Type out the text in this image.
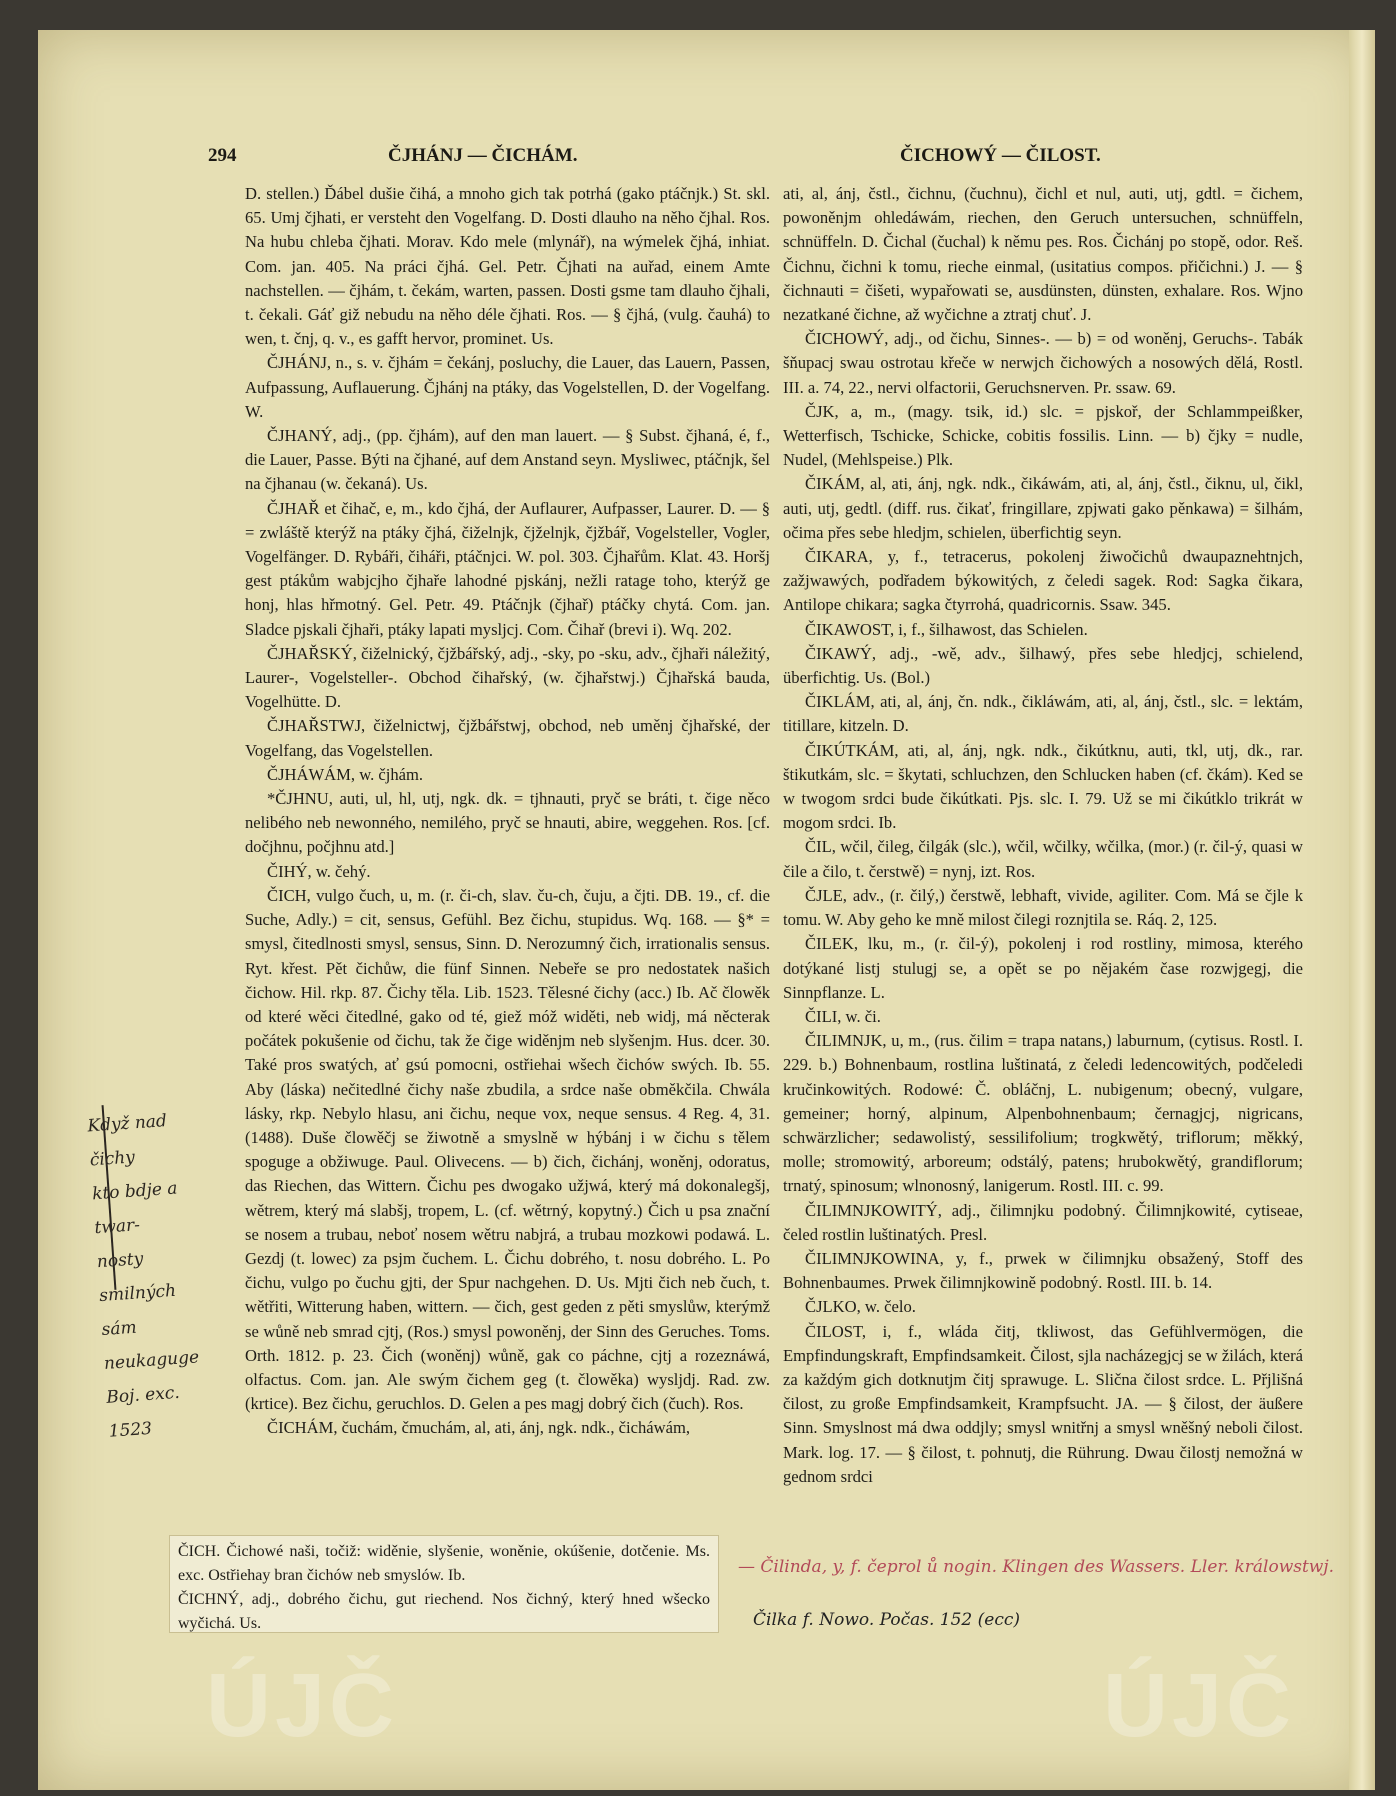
294	ČJHÁNJ — ČICHÁM.	ČICHOWÝ — ČILOST.

D. stellen.) Ďábel dušie čihá, a mnoho gich tak potrhá (gako ptáčnjk.) St. skl. 65. Umj čjhati, er versteht den Vogelfang. D. Dosti dlauho na něho čjhal. Ros. Na hubu chleba čjhati. Morav. Kdo mele (mlynář), na wýmelek čjhá, inhiat. Com. jan. 405. Na práci čjhá. Gel. Petr. Čjhati na auřad, einem Amte nachstellen. — čjhám, t. čekám, warten, passen. Dosti gsme tam dlauho čjhali, t. čekali. Gáť giž nebudu na něho déle čjhati. Ros. — § čjhá, (vulg. čauhá) to wen, t. čnj, q. v., es gafft hervor, prominet. Us.

ČJHÁNJ, n., s. v. čjhám = čekánj, posluchy, die Lauer, das Lauern, Passen, Aufpassung, Auflauerung. Čjhánj na ptáky, das Vogelstellen, D. der Vogelfang. W.

ČJHANÝ, adj., (pp. čjhám), auf den man lauert. — § Subst. čjhaná, é, f., die Lauer, Passe. Býti na čjhané, auf dem Anstand seyn. Mysliwec, ptáčnjk, šel na čjhanau (w. čekaná). Us.

ČJHAŘ et čihač, e, m., kdo čjhá, der Auflaurer, Aufpasser, Laurer. D. — § = zwláště kterýž na ptáky čjhá, čiželnjk, čjželnjk, čjžbář, Vogelsteller, Vogler, Vogelfänger. D. Rybáři, čiháři, ptáčnjci. W. pol. 303. Čjhařům. Klat. 43. Horšj gest ptákům wabjcjho čjhaře lahodné pjskánj, nežli ratage toho, kterýž ge honj, hlas hřmotný. Gel. Petr. 49. Ptáčnjk (čjhař) ptáčky chytá. Com. jan. Sladce pjskali čjhaři, ptáky lapati mysljcj. Com. Čihař (brevi i). Wq. 202.

ČJHAŘSKÝ, čiželnický, čjžbářský, adj., -sky, po -sku, adv., čjhaři náležitý, Laurer-, Vogelsteller-. Obchod čihařský, (w. čjhařstwj.) Čjhařská bauda, Vogelhütte. D.

ČJHAŘSTWJ, čiželnictwj, čjžbářstwj, obchod, neb uměnj čjhařské, der Vogelfang, das Vogelstellen.

ČJHÁWÁM, w. čjhám.

*ČJHNU, auti, ul, hl, utj, ngk. dk. = tjhnauti, pryč se bráti, t. čige něco nelibého neb newonného, nemilého, pryč se hnauti, abire, weggehen. Ros. [cf. dočjhnu, počjhnu atd.]

ČIHÝ, w. čehý.

ČICH, vulgo čuch, u, m. (r. či-ch, slav. ču-ch, čuju, a čjti. DB. 19., cf. die Suche, Adly.) = cit, sensus, Gefühl. Bez čichu, stupidus. Wq. 168. — §* = smysl, čitedlnosti smysl, sensus, Sinn. D. Nerozumný čich, irrationalis sensus. Ryt. křest. Pět čichůw, die fünf Sinnen. Nebeře se pro nedostatek našich čichow. Hil. rkp. 87. Čichy těla. Lib. 1523. Tělesné čichy (acc.) Ib. Ač člowěk od které wěci čitedlné, gako od té, giež móž widěti, neb widj, má něcterak počátek pokušenie od čichu, tak že čige widěnjm neb slyšenjm. Hus. dcer. 30. Také pros swatých, ať gsú pomocni, ostřiehai wšech čichów swých. Ib. 55. Aby (láska) nečitedlné čichy naše zbudila, a srdce naše obměkčila. Chwála lásky, rkp. Nebylo hlasu, ani čichu, neque vox, neque sensus. 4 Reg. 4, 31. (1488). Duše člowěčj se žiwotně a smyslně w hýbánj i w čichu s tělem spoguge a obžiwuge. Paul. Olivecens. — b) čich, čichánj, woněnj, odoratus, das Riechen, das Wittern. Čichu pes dwogako užjwá, který má dokonalegšj, wětrem, který má slabšj, tropem, L. (cf. wětrný, kopytný.) Čich u psa znační se nosem a trubau, neboť nosem wětru nabjrá, a trubau mozkowi podawá. L. Gezdj (t. lowec) za psjm čuchem. L. Čichu dobrého, t. nosu dobrého. L. Po čichu, vulgo po čuchu gjti, der Spur nachgehen. D. Us. Mjti čich neb čuch, t. wětřiti, Witterung haben, wittern. — čich, gest geden z pěti smyslůw, kterýmž se wůně neb smrad cjtj, (Ros.) smysl powoněnj, der Sinn des Geruches. Toms. Orth. 1812. p. 23. Čich (woněnj) wůně, gak co páchne, cjtj a rozeznáwá, olfactus. Com. jan. Ale swým čichem geg (t. člowěka) wysljdj. Rad. zw. (krtice). Bez čichu, geruchlos. D. Gelen a pes magj dobrý čich (čuch). Ros.

ČICHÁM, čuchám, čmuchám, al, ati, ánj, ngk. ndk., čicháwám,

ati, al, ánj, čstl., čichnu, (čuchnu), čichl et nul, auti, utj, gdtl. = čichem, powoněnjm ohledáwám, riechen, den Geruch untersuchen, schnüffeln, schnüffeln. D. Čichal (čuchal) k němu pes. Ros. Čichánj po stopě, odor. Reš. Čichnu, čichni k tomu, rieche einmal, (usitatius compos. přičichni.) J. — § čichnauti = čišeti, wypařowati se, ausdünsten, dünsten, exhalare. Ros. Wjno nezatkané čichne, až wyčichne a ztratj chuť. J.

ČICHOWÝ, adj., od čichu, Sinnes-. — b) = od woněnj, Geruchs-. Tabák šňupacj swau ostrotau křeče w nerwjch čichowých a nosowých dělá, Rostl. III. a. 74, 22., nervi olfactorii, Geruchsnerven. Pr. ssaw. 69.

ČJK, a, m., (magy. tsik, id.) slc. = pjskoř, der Schlammpeißker, Wetterfisch, Tschicke, Schicke, cobitis fossilis. Linn. — b) čjky = nudle, Nudel, (Mehlspeise.) Plk.

ČIKÁM, al, ati, ánj, ngk. ndk., čikáwám, ati, al, ánj, čstl., čiknu, ul, čikl, auti, utj, gedtl. (diff. rus. čikať, fringillare, zpjwati gako pěnkawa) = šilhám, očima přes sebe hledjm, schielen, überfichtig seyn.

ČIKARA, y, f., tetracerus, pokolenj žiwočichů dwaupaznehtnjch, zažjwawých, podřadem býkowitých, z čeledi sagek. Rod: Sagka čikara, Antilope chikara; sagka čtyrrohá, quadricornis. Ssaw. 345.

ČIKAWOST, i, f., šilhawost, das Schielen.

ČIKAWÝ, adj., -wě, adv., šilhawý, přes sebe hledjcj, schielend, überfichtig. Us. (Bol.)

ČIKLÁM, ati, al, ánj, čn. ndk., čikláwám, ati, al, ánj, čstl., slc. = lektám, titillare, kitzeln. D.

ČIKÚTKÁM, ati, al, ánj, ngk. ndk., čikútknu, auti, tkl, utj, dk., rar. štikutkám, slc. = škytati, schluchzen, den Schlucken haben (cf. čkám). Ked se w twogom srdci bude čikútkati. Pjs. slc. I. 79. Už se mi čikútklo trikrát w mogom srdci. Ib.

ČIL, wčil, čileg, čilgák (slc.), wčil, wčilky, wčilka, (mor.) (r. čil-ý, quasi w čile a čilo, t. čerstwě) = nynj, izt. Ros.

ČJLE, adv., (r. čilý,) čerstwě, lebhaft, vivide, agiliter. Com. Má se čjle k tomu. W. Aby geho ke mně milost čilegi roznjtila se. Ráq. 2, 125.

ČILEK, lku, m., (r. čil-ý), pokolenj i rod rostliny, mimosa, kterého dotýkané listj stulugj se, a opět se po nějakém čase rozwjgegj, die Sinnpflanze. L.

ČILI, w. či.

ČILIMNJK, u, m., (rus. čilim = trapa natans,) laburnum, (cytisus. Rostl. I. 229. b.) Bohnenbaum, rostlina luštinatá, z čeledi ledencowitých, podčeledi kručinkowitých. Rodowé: Č. obláčnj, L. nubigenum; obecný, vulgare, gemeiner; horný, alpinum, Alpenbohnenbaum; černagjcj, nigricans, schwärzlicher; sedawolistý, sessilifolium; trogkwětý, triflorum; měkký, molle; stromowitý, arboreum; odstálý, patens; hrubokwětý, grandiflorum; trnatý, spinosum; wlnonosný, lanigerum. Rostl. III. c. 99.

ČILIMNJKOWITÝ, adj., čilimnjku podobný. Čilimnjkowité, cytiseae, čeled rostlin luštinatých. Presl.

ČILIMNJKOWINA, y, f., prwek w čilimnjku obsažený, Stoff des Bohnenbaumes. Prwek čilimnjkowině podobný. Rostl. III. b. 14.

ČJLKO, w. čelo.

ČILOST, i, f., wláda čitj, tkliwost, das Gefühlvermögen, die Empfindungskraft, Empfindsamkeit. Čilost, sjla nacházegjcj se w žilách, která za každým gich dotknutjm čitj sprawuge. L. Slična čilost srdce. L. Přjlišná čilost, zu große Empfindsamkeit, Krampfsucht. JA. — § čilost, der äußere Sinn. Smyslnost má dwa oddjly; smysl wnitřnj a smysl wněšný neboli čilost. Mark. log. 17. — § čilost, t. pohnutj, die Rührung. Dwau čilostj nemožná w gednom srdci

ČICH. Čichowé naši, točiž: widěnie, slyšenie, woněnie, okúšenie, dotčenie. Ms. exc. Ostřiehay bran čichów neb smyslów. Ib.
ČICHNÝ, adj., dobrého čichu, gut riechend. Nos čichný, který hned wšecko wyčichá. Us.
Když nad čichy
kto bdje a twar-
nosty smilných
sám neukaguge
Boj. exc. 1523
— Čilinda, y, f. čeprol ů nogin. Klingen des Wassers. Ller. králowstwj.
Čilka f. Nowo. Počas. 152 (ecc)
ÚJČ	ÚJČ
